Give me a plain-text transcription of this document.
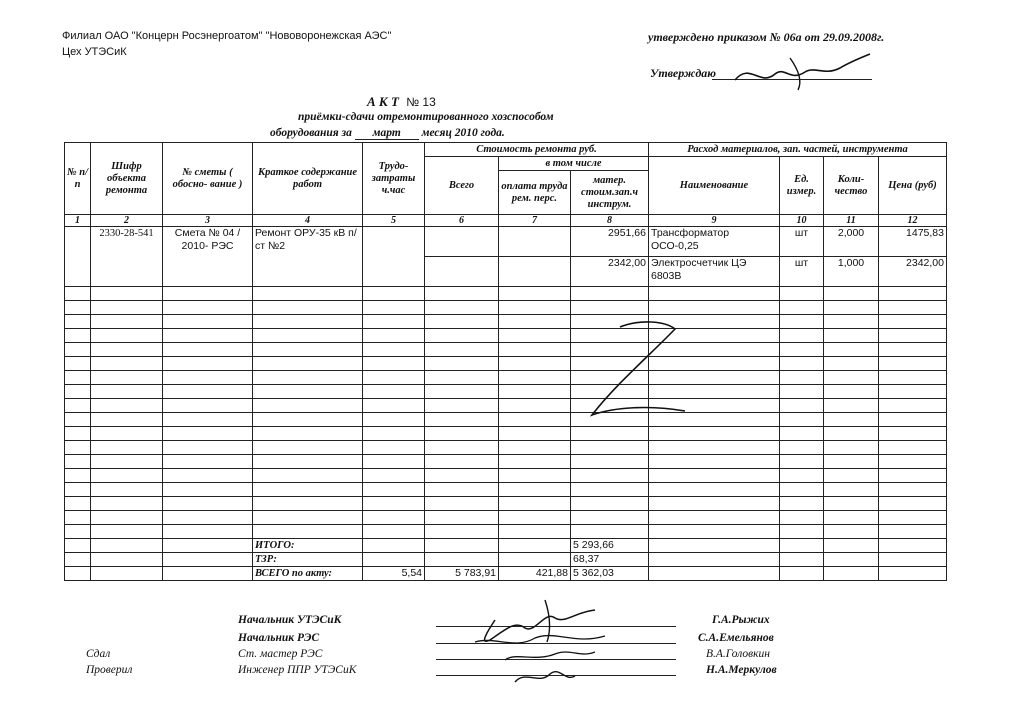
Филиал ОАО "Концерн Росэнергоатом" "Нововоронежская АЭС"
Цех УТЭСиК
утверждено приказом № 06а от 29.09.2008г.
Утверждаю
А К Т № 13
приёмки-сдачи отремонтированного хозспособом
оборудования за март месяц 2010 года.
№ п/п	Шифр объекта ремонта	№ сметы ( обосно- вание )	Краткое содержание работ	Трудо- затраты ч.час	Стоимость ремонта руб.			Расход материалов, зап. частей, инструмента			
					Всего	в том числе		Наименование	Ед. измер.	Коли- чество	Цена (руб)
						оплата труда рем. перс.	матер. стоим.зап.ч инструм.				
1	2	3	4	5	6	7	8	9	10	11	12
	2330-28-541	Смета № 04 / 2010- РЭС	Ремонт ОРУ-35 кВ п/ст №2				2951,66	Трансформатор ОСО-0,25	шт	2,000	1475,83
							2342,00	Электросчетчик ЦЭ 6803В	шт	1,000	2342,00

			ИТОГО:				5 293,66				
			ТЗР:				68,37				
			ВСЕГО по акту:	5,54	5 783,91	421,88	5 362,03				
Начальник УТЭСиК
Начальник РЭС
Сдал	Ст. мастер РЭС
Проверил	Инженер ППР УТЭСиК
Г.А.Рыжих
С.А.Емельянов
В.А.Головкин
Н.А.Меркулов
